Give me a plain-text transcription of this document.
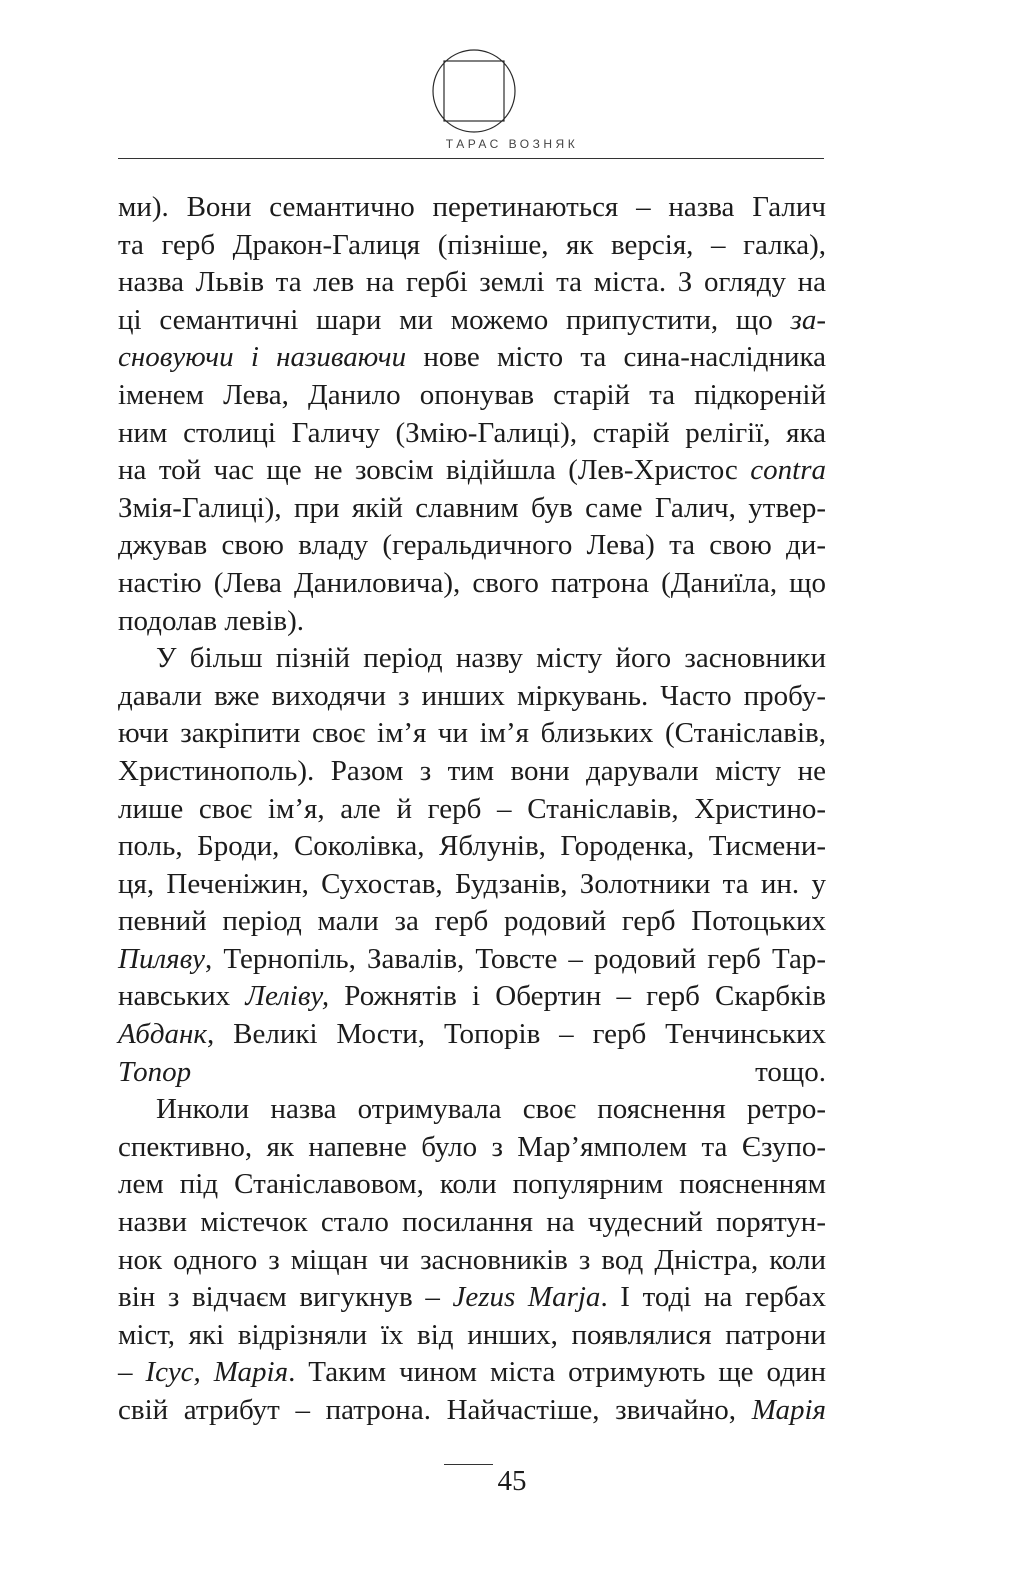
ТАРАС ВОЗНЯК
ми). Вони семантично перетинаються – назва Галич
та герб Дракон-Галиця (пізніше, як версія, – галка),
назва Львів та лев на гербі землі та міста. З огляду на
ці семантичні шари ми можемо припустити, що за-
сновуючи і називаючи нове місто та сина-наслідника
іменем Лева, Данило опонував старій та підкореній
ним столиці Галичу (Змію-Галиці), старій релігії, яка
на той час ще не зовсім відійшла (Лев-Христос contra
Змія-Галиці), при якій славним був саме Галич, утвер-
джував свою владу (геральдичного Лева) та свою ди-
настію (Лева Даниловича), свого патрона (Даниїла, що
подолав левів).
У більш пізній період назву місту його засновники
давали вже виходячи з инших міркувань. Часто пробу-
ючи закріпити своє ім’я чи ім’я близьких (Станіславів,
Христинополь). Разом з тим вони дарували місту не
лише своє ім’я, але й герб – Станіславів, Христино-
поль, Броди, Соколівка, Яблунів, Городенка, Тисмени-
ця, Печеніжин, Сухостав, Будзанів, Золотники та ин. у
певний період мали за герб родовий герб Потоцьких
Пиляву, Тернопіль, Завалів, Товсте – родовий герб Тар-
навських Леліву, Рожнятів і Обертин – герб Скарбків
Абданк, Великі Мости, Топорів – герб Тенчинських
Топор тощо.
Инколи назва отримувала своє пояснення ретро-
спективно, як напевне було з Мар’ямполем та Єзупо-
лем під Станіславовом, коли популярним поясненням
назви містечок стало посилання на чудесний порятун-
нок одного з міщан чи засновників з вод Дністра, коли
він з відчаєм вигукнув – Jezus Marja. І тоді на гербах
міст, які відрізняли їх від инших, появлялися патрони
– Ісус, Марія. Таким чином міста отримують ще один
свій атрибут – патрона. Найчастіше, звичайно, Марія
45
